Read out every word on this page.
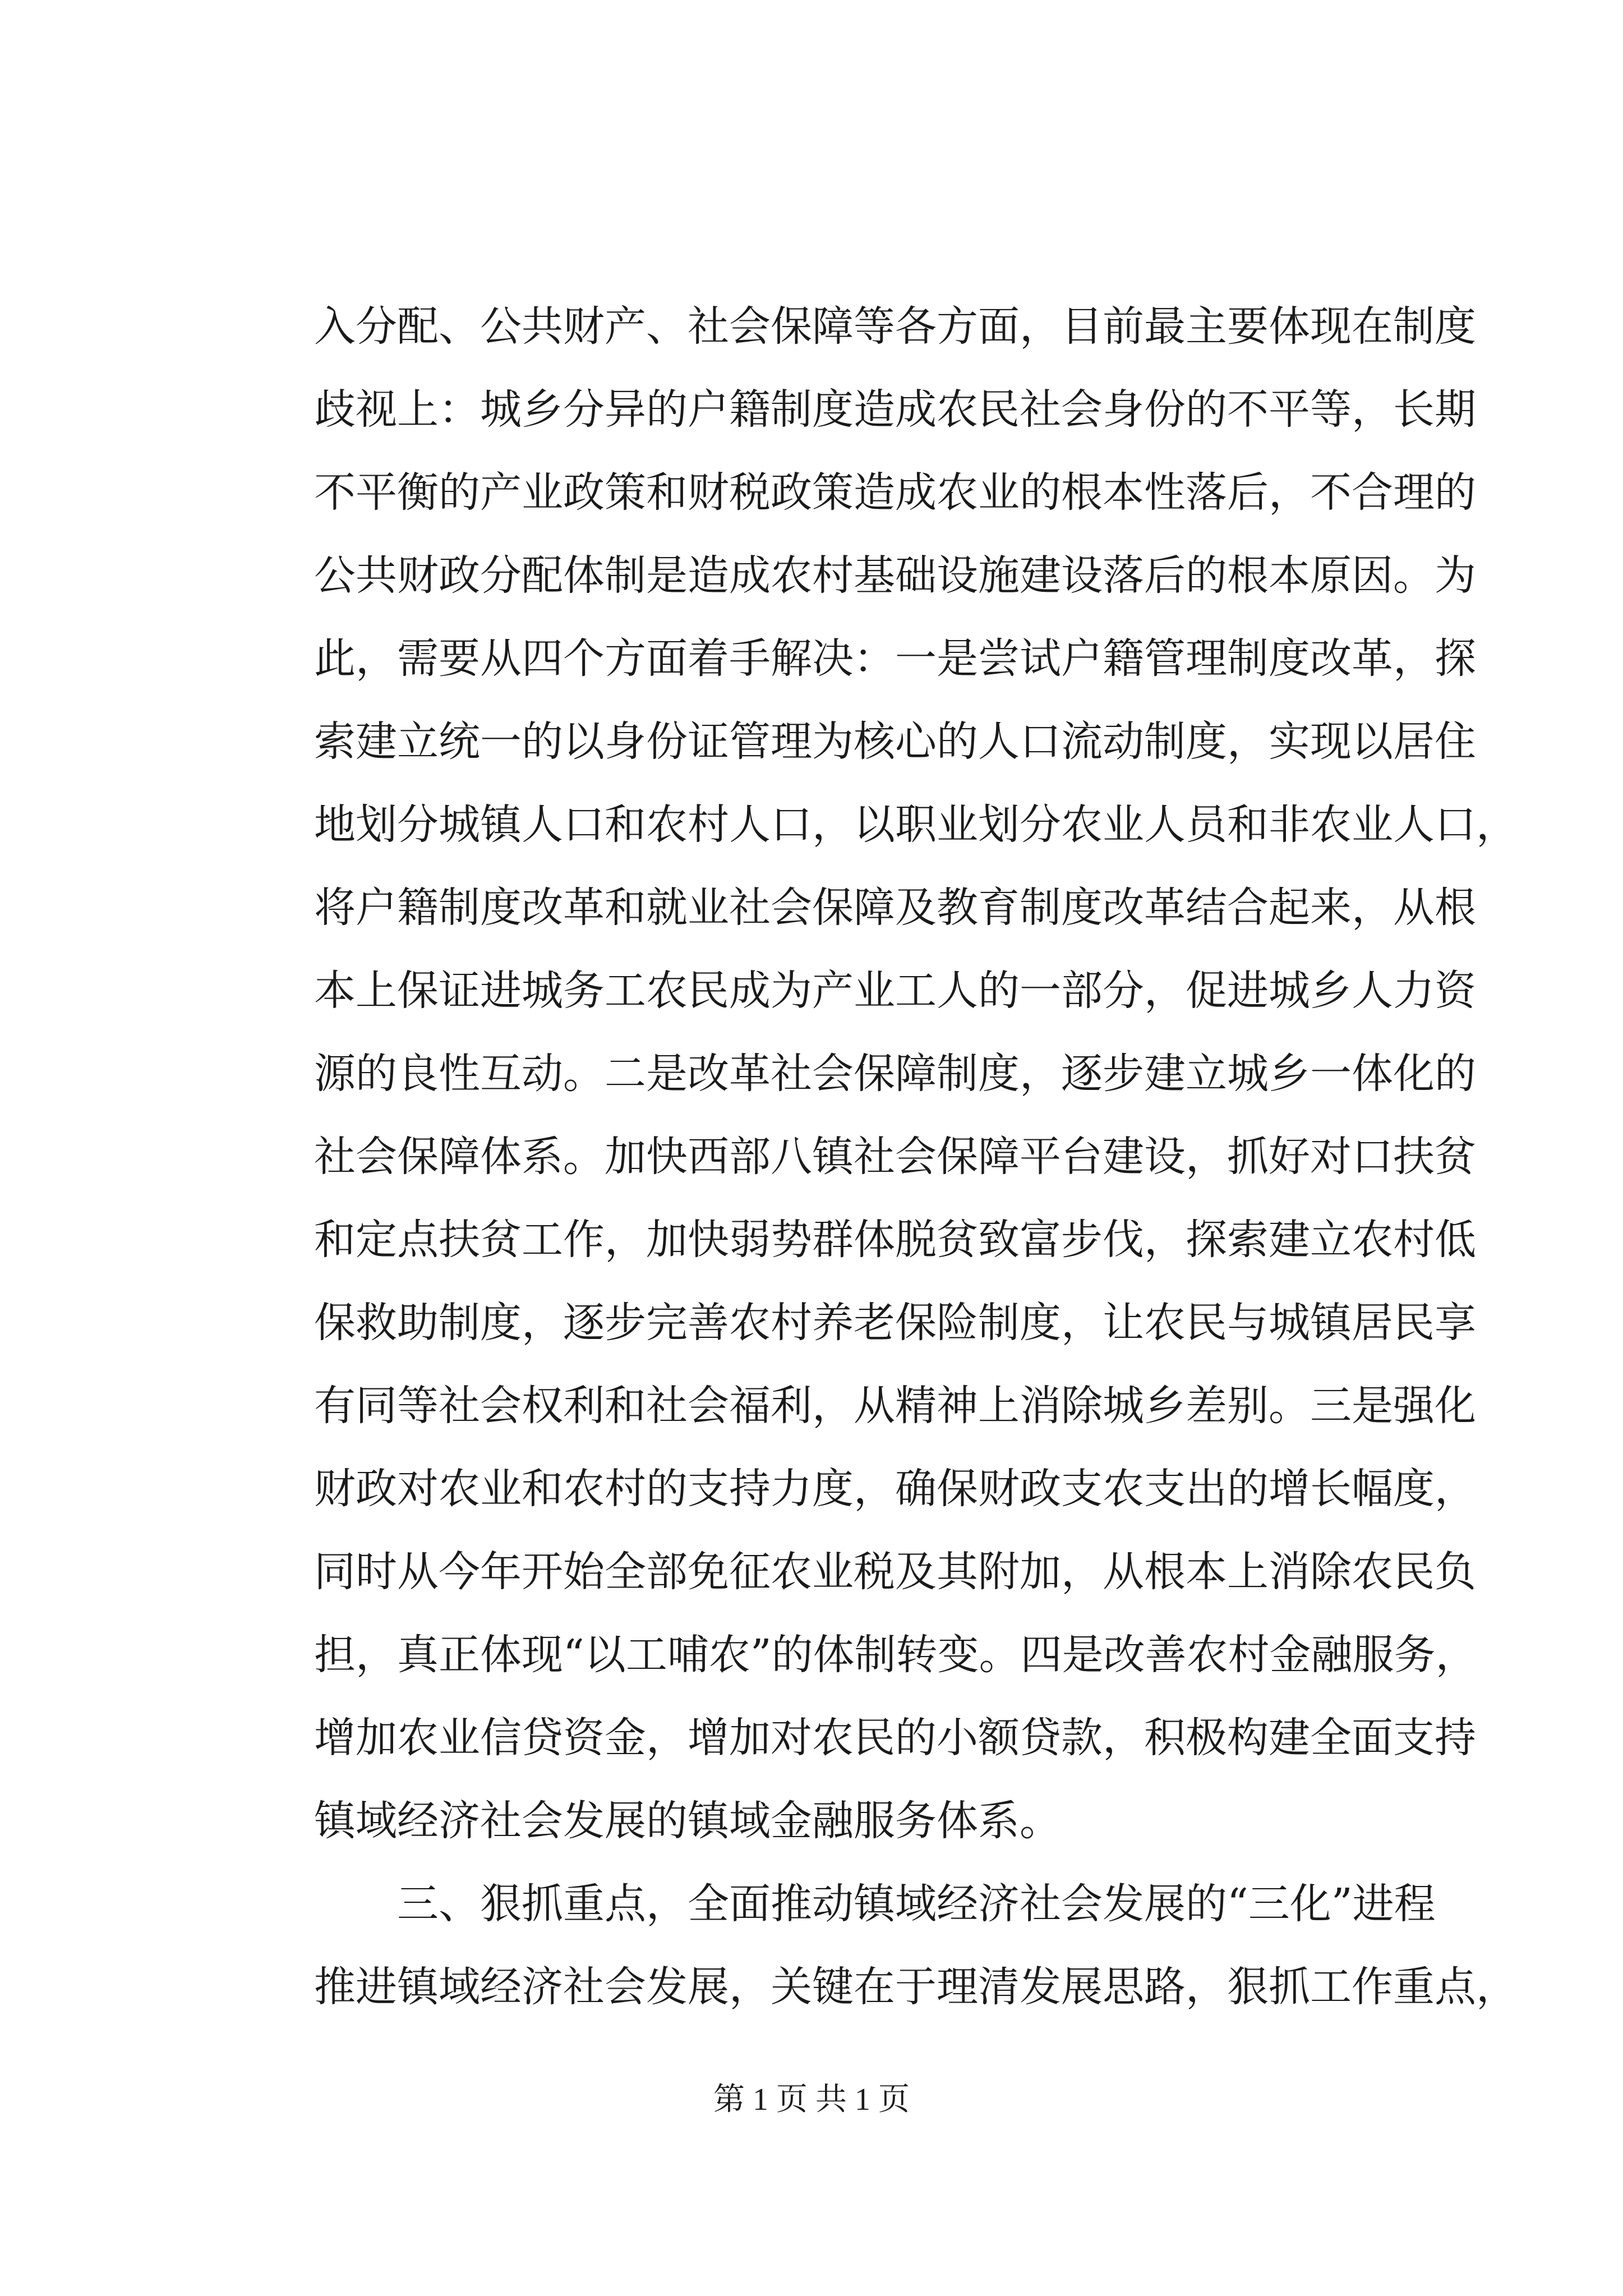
入分配、公共财产、社会保障等各方面，目前最主要体现在制度
歧视上：城乡分异的户籍制度造成农民社会身份的不平等，长期
不平衡的产业政策和财税政策造成农业的根本性落后，不合理的
公共财政分配体制是造成农村基础设施建设落后的根本原因。为
此，需要从四个方面着手解决：一是尝试户籍管理制度改革，探
索建立统一的以身份证管理为核心的人口流动制度，实现以居住
地划分城镇人口和农村人口，以职业划分农业人员和非农业人口，
将户籍制度改革和就业社会保障及教育制度改革结合起来，从根
本上保证进城务工农民成为产业工人的一部分，促进城乡人力资
源的良性互动。二是改革社会保障制度，逐步建立城乡一体化的
社会保障体系。加快西部八镇社会保障平台建设，抓好对口扶贫
和定点扶贫工作，加快弱势群体脱贫致富步伐，探索建立农村低
保救助制度，逐步完善农村养老保险制度，让农民与城镇居民享
有同等社会权利和社会福利，从精神上消除城乡差别。三是强化
财政对农业和农村的支持力度，确保财政支农支出的增长幅度，
同时从今年开始全部免征农业税及其附加，从根本上消除农民负
担，真正体现“以工哺农”的体制转变。四是改善农村金融服务，
增加农业信贷资金，增加对农民的小额贷款，积极构建全面支持
镇域经济社会发展的镇域金融服务体系。
三、狠抓重点，全面推动镇域经济社会发展的“三化”进程
推进镇域经济社会发展，关键在于理清发展思路，狠抓工作重点，
第 1 页 共 1 页
